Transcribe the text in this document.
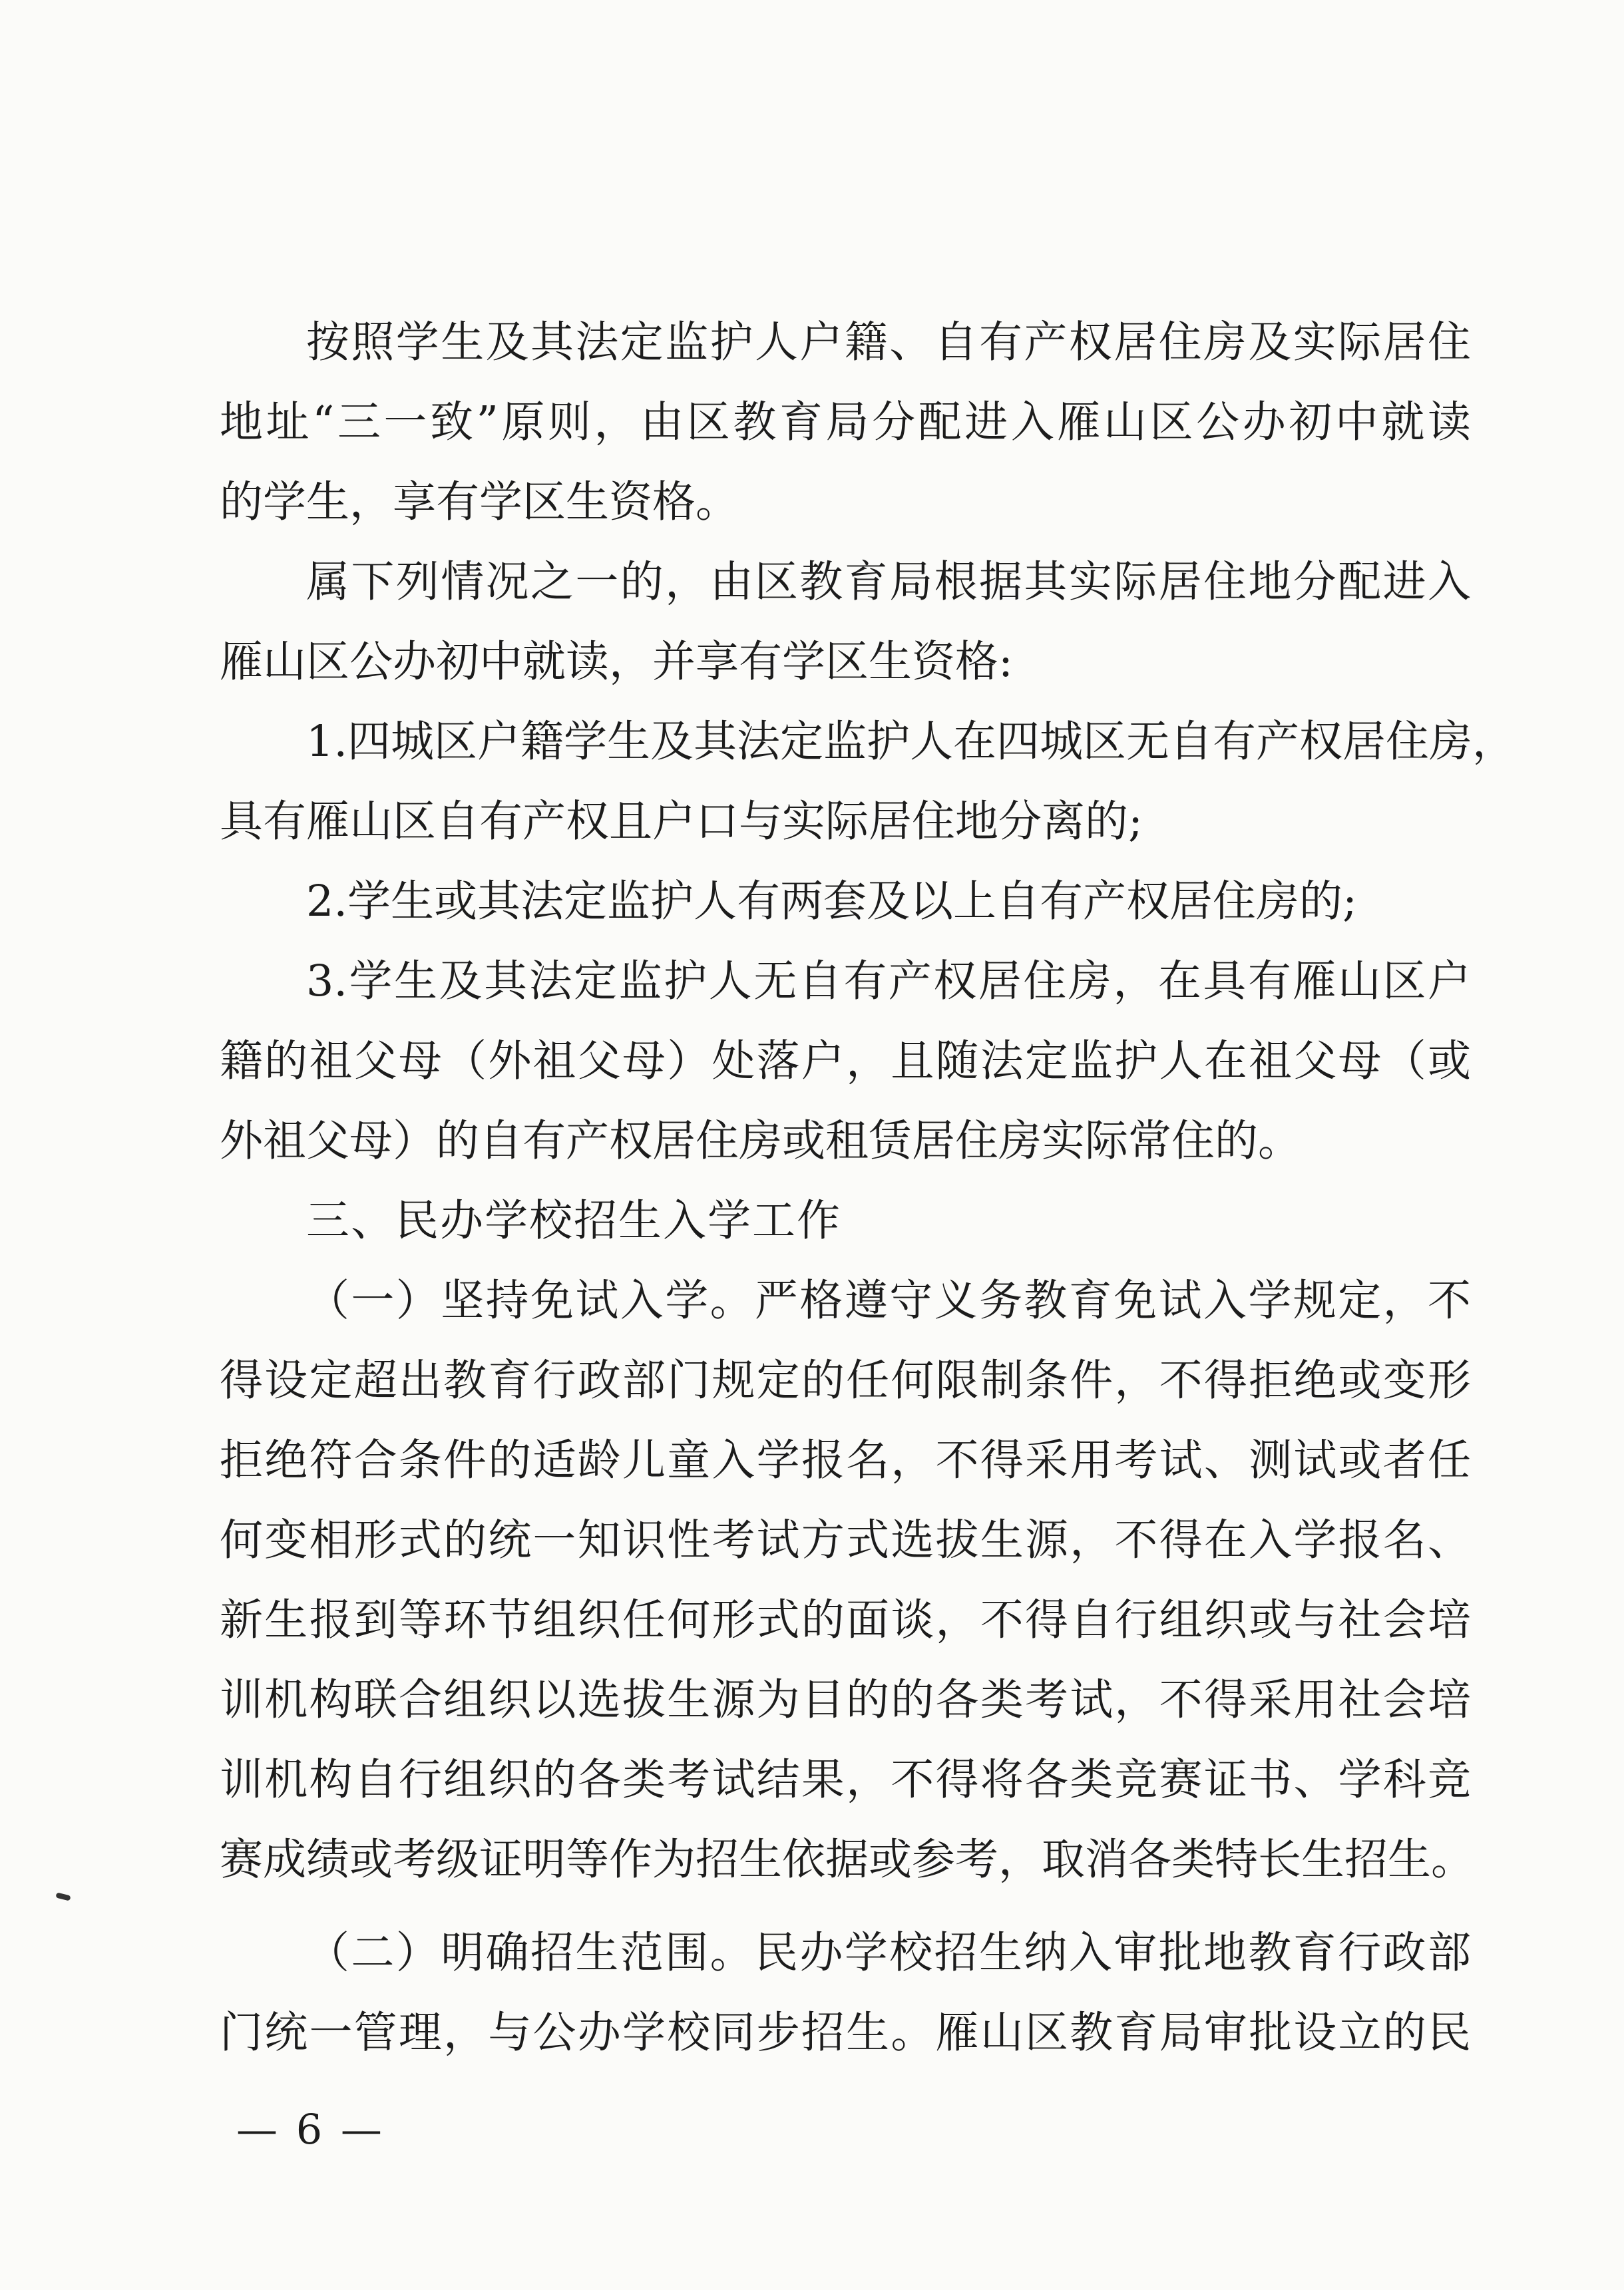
按照学生及其法定监护人户籍、自有产权居住房及实际居住
地址“三一致”原则，由区教育局分配进入雁山区公办初中就读
的学生，享有学区生资格。
属下列情况之一的，由区教育局根据其实际居住地分配进入
雁山区公办初中就读，并享有学区生资格:
1.四城区户籍学生及其法定监护人在四城区无自有产权居住房，
具有雁山区自有产权且户口与实际居住地分离的;
2.学生或其法定监护人有两套及以上自有产权居住房的;
3.学生及其法定监护人无自有产权居住房，在具有雁山区户
籍的祖父母（外祖父母）处落户，且随法定监护人在祖父母（或
外祖父母）的自有产权居住房或租赁居住房实际常住的。
三、民办学校招生入学工作
（一）坚持免试入学。严格遵守义务教育免试入学规定，不
得设定超出教育行政部门规定的任何限制条件，不得拒绝或变形
拒绝符合条件的适龄儿童入学报名，不得采用考试、测试或者任
何变相形式的统一知识性考试方式选拔生源，不得在入学报名、
新生报到等环节组织任何形式的面谈，不得自行组织或与社会培
训机构联合组织以选拔生源为目的的各类考试，不得采用社会培
训机构自行组织的各类考试结果，不得将各类竞赛证书、学科竞
赛成绩或考级证明等作为招生依据或参考，取消各类特长生招生。
（二）明确招生范围。民办学校招生纳入审批地教育行政部
门统一管理，与公办学校同步招生。雁山区教育局审批设立的民
— 6 —
